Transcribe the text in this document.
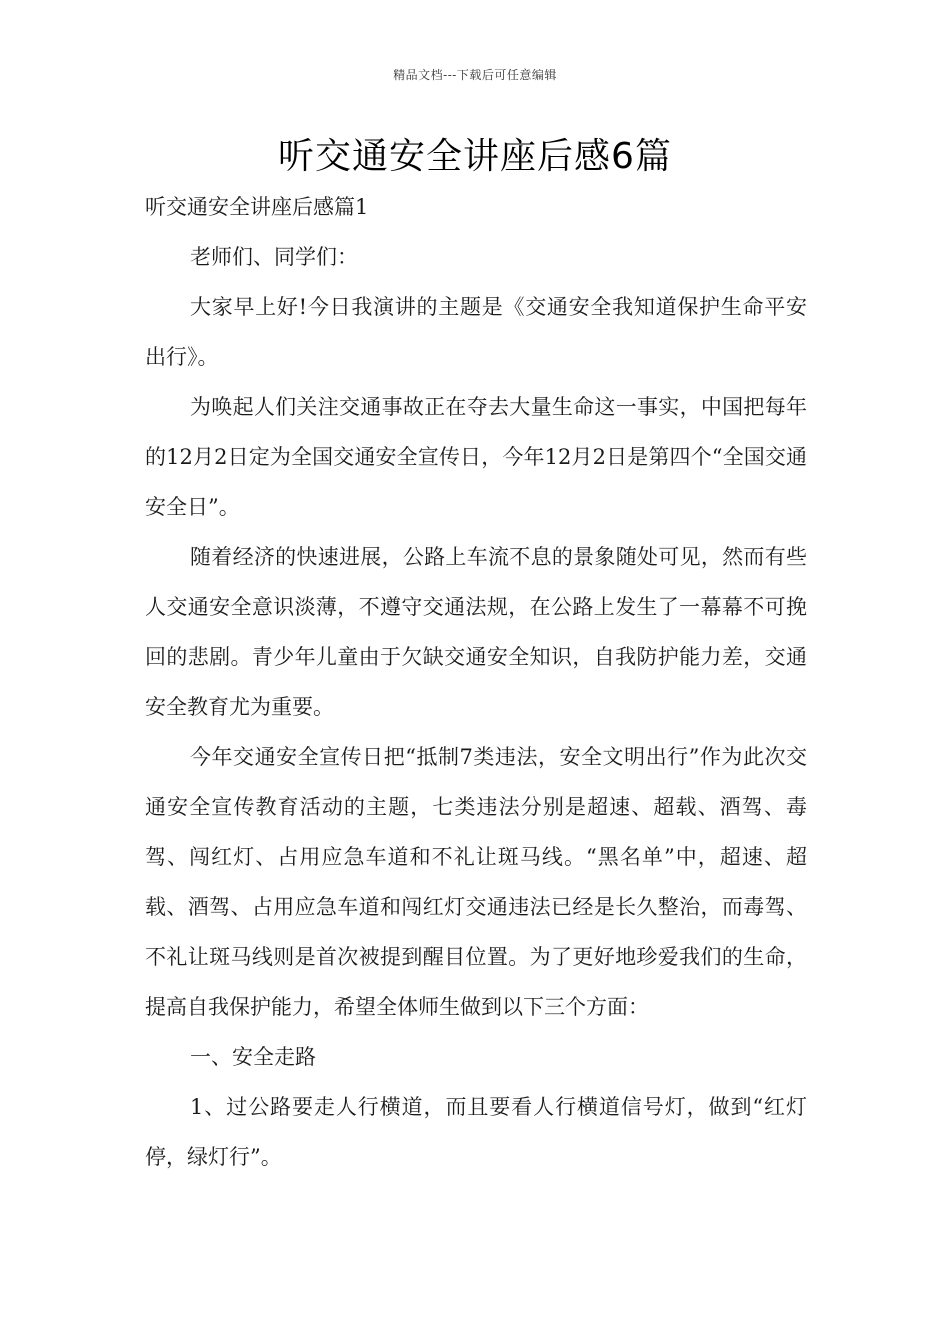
精品文档---下载后可任意编辑
听交通安全讲座后感6篇

听交通安全讲座后感篇1

老师们、同学们：

大家早上好!今日我演讲的主题是《交通安全我知道保护生命平安出行》。

为唤起人们关注交通事故正在夺去大量生命这一事实，中国把每年的12月2日定为全国交通安全宣传日，今年12月2日是第四个“全国交通安全日”。

随着经济的快速进展，公路上车流不息的景象随处可见，然而有些人交通安全意识淡薄，不遵守交通法规，在公路上发生了一幕幕不可挽回的悲剧。青少年儿童由于欠缺交通安全知识，自我防护能力差，交通安全教育尤为重要。

今年交通安全宣传日把“抵制7类违法，安全文明出行”作为此次交通安全宣传教育活动的主题，七类违法分别是超速、超载、酒驾、毒驾、闯红灯、占用应急车道和不礼让斑马线。“黑名单”中，超速、超载、酒驾、占用应急车道和闯红灯交通违法已经是长久整治，而毒驾、不礼让斑马线则是首次被提到醒目位置。为了更好地珍爱我们的生命，提高自我保护能力，希望全体师生做到以下三个方面：

一、安全走路

1、过公路要走人行横道，而且要看人行横道信号灯，做到“红灯停，绿灯行”。
